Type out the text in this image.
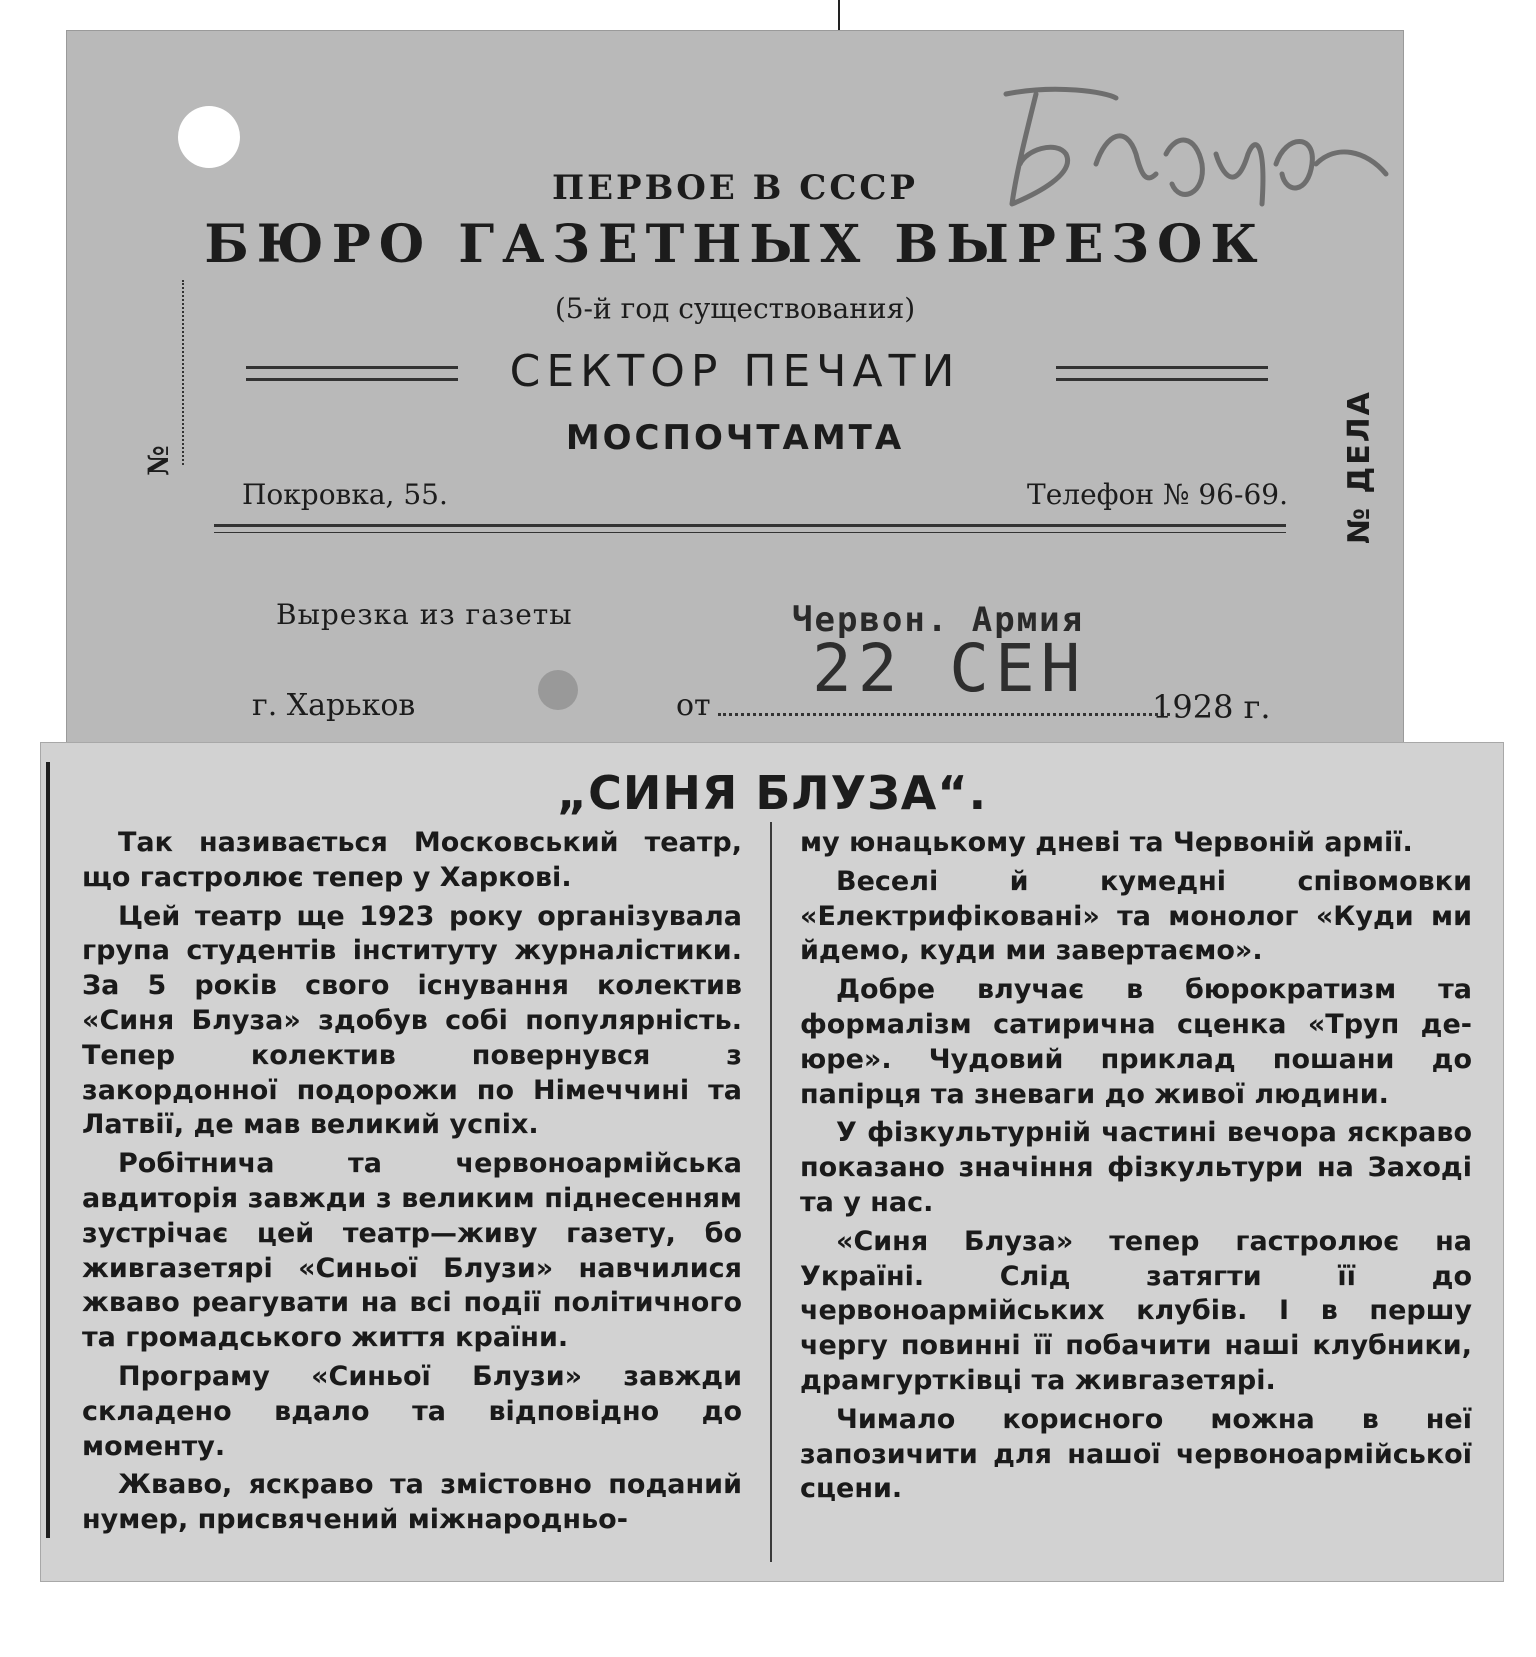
ПЕРВОЕ В СССР
БЮРО ГАЗЕТНЫХ ВЫРЕЗОК
(5-й год существования)
СЕКТОР ПЕЧАТИ
МОСПОЧТАМТА
№	№ ДЕЛА
Покровка, 55.	Телефон № 96-69.
Вырезка из газеты	Червон. Армия
г. Харьков	от 22 СЕН 1928 г.
„СИНЯ БЛУЗА“.

Так називається Московський театр, що гастролює тепер у Харкові.

Цей театр ще 1923 року організувала група студентів інституту журналістики. За 5 років свого існування колектив «Синя Блуза» здобув собі популярність. Тепер колектив повернувся з закордонної подорожи по Німеччині та Латвії, де мав великий успіх.

Робітнича та червоноармійська авдиторія завжди з великим піднесенням зустрічає цей театр—живу газету, бо живгазетярі «Синьої Блузи» навчилися жваво реагувати на всі події політичного та громадського життя країни.

Програму «Синьої Блузи» завжди складено вдало та відповідно до моменту.

Жваво, яскраво та змістовно поданий нумер, присвячений міжнародньо-

му юнацькому дневі та Червоній армії.

Веселі й кумедні співомовки «Електрифіковані» та монолог «Куди ми йдемо, куди ми завертаємо».

Добре влучає в бюрократизм та формалізм сатирична сценка «Труп де-юре». Чудовий приклад пошани до папірця та зневаги до живої людини.

У фізкультурній частині вечора яскраво показано значіння фізкультури на Заході та у нас.

«Синя Блуза» тепер гастролює на Україні. Слід затягти її до червоноармійських клубів. І в першу чергу повинні її побачити наші клубники, драмгуртківці та живгазетярі.

Чимало корисного можна в неї запозичити для нашої червоноармійської сцени.
